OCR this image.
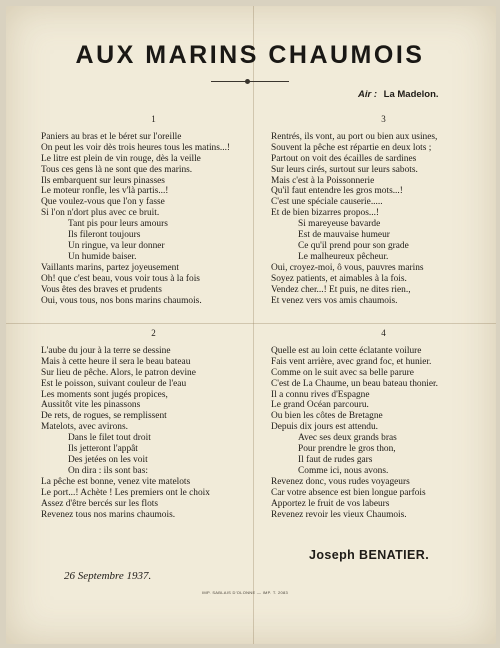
AUX MARINS CHAUMOIS
Air : La Madelon.
1
Paniers au bras et le béret sur l'oreille
On peut les voir dès trois heures tous les matins...!
Le litre est plein de vin rouge, dès la veille
Tous ces gens là ne sont que des marins.
Ils embarquent sur leurs pinasses
Le moteur ronfle, les v'là partis...!
Que voulez-vous que l'on y fasse
Si l'on n'dort plus avec ce bruit.
Tant pis pour leurs amours
Ils fileront toujours
Un ringue, va leur donner
Un humide baiser.
Vaillants marins, partez joyeusement
Oh! que c'est beau, vous voir tous à la fois
Vous êtes des braves et prudents
Oui, vous tous, nos bons marins chaumois.
3
Rentrés, ils vont, au port ou bien aux usines,
Souvent la pêche est répartie en deux lots ;
Partout on voit des écailles de sardines
Sur leurs cirés, surtout sur leurs sabots.
Mais c'est à la Poissonnerie
Qu'il faut entendre les gros mots...!
C'est une spéciale causerie.....
Et de bien bizarres propos...!
Si mareyeuse bavarde
Est de mauvaise humeur
Ce qu'il prend pour son grade
Le malheureux pêcheur.
Oui, croyez-moi, ô vous, pauvres marins
Soyez patients, et aimables à la fois.
Vendez cher...! Et puis, ne dites rien.,
Et venez vers vos amis chaumois.
2
L'aube du jour à la terre se dessine
Mais à cette heure il sera le beau bateau
Sur lieu de pêche. Alors, le patron devine
Est le poisson, suivant couleur de l'eau
Les moments sont jugés propices,
Aussitôt vite les pinassons
De rets, de rogues, se remplissent
Matelots, avec avirons.
Dans le filet tout droit
Ils jetteront l'appât
Des jetées on les voit
On dira : ils sont bas:
La pêche est bonne, venez vite matelots
Le port...! Achète ! Les premiers ont le choix
Assez d'être bercés sur les flots
Revenez tous nos marins chaumois.
4
Quelle est au loin cette éclatante voilure
Fais vent arrière, avec grand foc, et hunier.
Comme on le suit avec sa belle parure
C'est de La Chaume, un beau bateau thonier.
Il a connu rives d'Espagne
Le grand Océan parcouru.
Ou bien les côtes de Bretagne
Depuis dix jours est attendu.
Avec ses deux grands bras
Pour prendre le gros thon,
Il faut de rudes gars
Comme ici, nous avons.
Revenez donc, vous rudes voyageurs
Car votre absence est bien longue parfois
Apportez le fruit de vos labeurs
Revenez revoir les vieux Chaumois.
Joseph BENATIER.
26 Septembre 1937.
IMP. SABLAIS D'OLONNE — IMP. T. 2083
